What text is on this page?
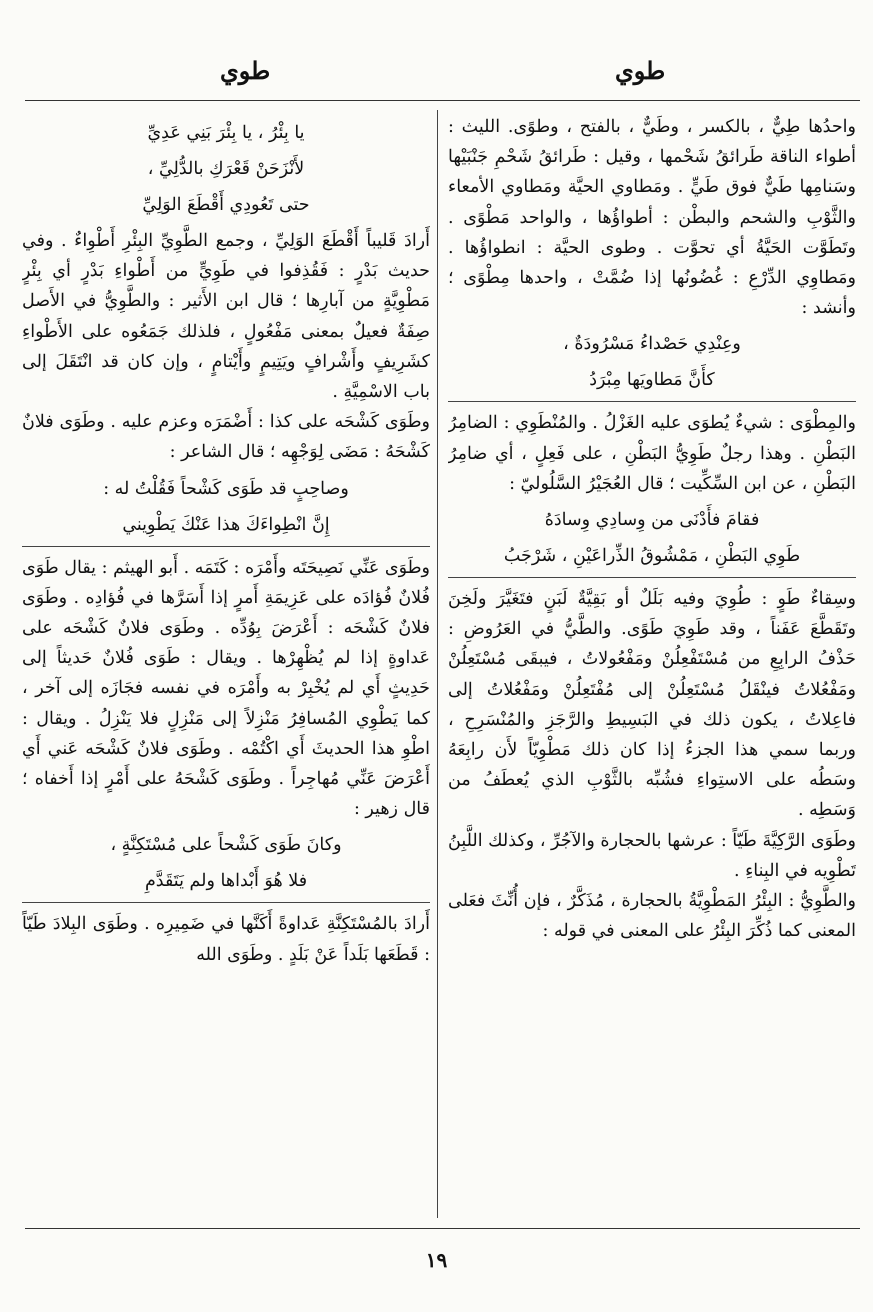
طوي	طوي

واحدُها طِيٌّ ، بالكسر ، وطَيٌّ ، بالفتح ، وطوًى. الليث : أطواء الناقة طَرائقُ شَحْمها ، وقيل : طَرائقُ شَحْمِ جَنْبَيْها وسَنامِها طَيٌّ فوق طَيٍّ . ومَطاوي الحيَّة ومَطاوي الأمعاء والثَّوْبِ والشحم والبطْن : أطواؤُها ، والواحد مَطْوًى . وتَطَوَّت الحَيَّةُ أي تحوَّت . وطوى الحيَّة : انطواؤُها . ومَطاوِي الدِّرْعِ : غُضُونُها إذا ضُمَّتْ ، واحدها مِطْوًى ؛ وأنشد :

وعِنْدِي حَصْداءُ مَسْرُودَةٌ ،
كأَنَّ مَطاويَها مِبْرَدُ

والمِطْوَى : شيءٌ يُطوَى عليه الغَزْلُ . والمُنْطَوِي : الضامِرُ البَطْنِ . وهذا رجلٌ طَوِيُّ البَطْنِ ، على فَعِلٍ ، أي ضامِرُ البَطْنِ ، عن ابن السِّكِّيت ؛ قال العُجَيْرُ السَّلُوليّ :

فقامَ فأَدْنَى من وِسادِي وِسادَهُ
طَوِي البَطْنِ ، مَمْشُوقُ الذِّراعَيْنِ ، شَرْجَبُ

وسِقاءٌ طَوٍ : طُوِيَ وفيه بَلَلٌ أو بَقِيَّةٌ لَبَنٍ فتَغَيَّرَ ولَخِنَ وتَقَطَّعَ عَفَناً ، وقد طَوِيَ طَوًى. والطَّيُّ في العَرُوضِ : حَذْفُ الرابِعِ من مُسْتَفْعِلُنْ ومَفْعُولاتُ ، فيبقَى مُسْتَعِلُنْ ومَفْعُلاتُ فينْقَلُ مُسْتَعِلُنْ إلى مُفْتَعِلُنْ ومَفْعُلاتُ إلى فاعِلاتُ ، يكون ذلك في البَسِيطِ والرَّجَزِ والمُنْسَرِحِ ، وربما سمي هذا الجزءُ إذا كان ذلك مَطْوِيّاً لأَن رابِعَهُ وسَطُه على الاستِواءِ فشُبِّه بالثَّوْبِ الذي يُعطَفُ من وَسَطِه .

وطَوَى الرَّكِيَّةَ طَيّاً : عرشها بالحجارة والآجُرِّ ، وكذلك اللَّبِنُ تَطْوِيه في البِناءِ .

والطَّوِيُّ : البِئْرُ المَطْوِيَّةُ بالحجارة ، مُذَكَّرٌ ، فإن أُنِّثَ فعَلى المعنى كما ذُكِّرَ البِئْرُ على المعنى في قوله :

يا بِئْرُ ، يا بِئْرَ بَنِي عَدِيِّ
لأَنْزَحَنْ قَعْرَكِ بالدُّلِيِّ ،
حتى تَعُودِي أَقْطَعَ الوَلِيِّ

أَرادَ قَليباً أَقْطَعَ الوَلِيِّ ، وجمع الطَّوِيِّ البِئْرِ أَطْوِاءٌ . وفي حديث بَدْرٍ : فَقُذِفوا في طَوِيٍّ من أَطْواءِ بَدْرٍ أي بِئْرٍ مَطْوِيَّةٍ من آبارِها ؛ قال ابن الأَثير : والطَّوِيُّ في الأَصل صِفَةٌ فعيلٌ بمعنى مَفْعُولٍ ، فلذلك جَمَعُوه على الأَطْواءِ كشَرِيفٍ وأَشْرافٍ ويَتِيمٍ وأَيْتامٍ ، وإن كان قد انْتَقَلَ إلى باب الاسْمِيَّةِ .

وطَوَى كَشْحَه على كذا : أَضْمَرَه وعزم عليه . وطَوَى فلانٌ كَشْحَهُ : مَضَى لِوَجْهِه ؛ قال الشاعر :

وصاحِبٍ قد طَوَى كَشْحاً فَقُلْتُ له :
إِنَّ انْطِواءَكَ هذا عَنْكَ يَطْوِيني

وطَوَى عَنِّي نَصِيحَتَه وأَمْرَه : كَتَمَه . أَبو الهيثم : يقال طَوَى فُلانٌ فُؤادَه على عَزِيمَةِ أَمرٍ إذا أَسَرَّها في فُؤادِه . وطَوَى فلانٌ كَشْحَه : أَعْرَضَ بِوُدِّه . وطَوَى فلانٌ كَشْحَه على عَداوةٍ إذا لم يُظْهِرْها . ويقال : طَوَى فُلانٌ حَديثاً إلى حَدِيثٍ أَي لم يُخْبِرْ به وأَمْرَه في نفسه فجَازَه إلى آخر ، كما يَطْوِي المُسافِرُ مَنْزِلاً إلى مَنْزِلٍ فلا يَنْزِلُ . ويقال : اطْوِ هذا الحديثَ أَي اكْتُمْه . وطَوَى فلانٌ كَشْحَه عَني أَي أَعْرَضَ عَنِّي مُهاجِراً . وطَوَى كَشْحَهُ على أَمْرٍ إذا أَخفاه ؛ قال زهير :

وكانَ طَوَى كَشْحاً على مُسْتَكِنَّةٍ ،
فلا هُوَ أَبْداها ولم يَتَقَدَّمِ

أَرادَ بالمُسْتَكِنَّةِ عَداوةً أَكَنَّها في ضَمِيرِه . وطَوَى البِلادَ طَيّاً : قَطَعَها بَلَداً عَنْ بَلَدٍ . وطَوَى الله

١٩
